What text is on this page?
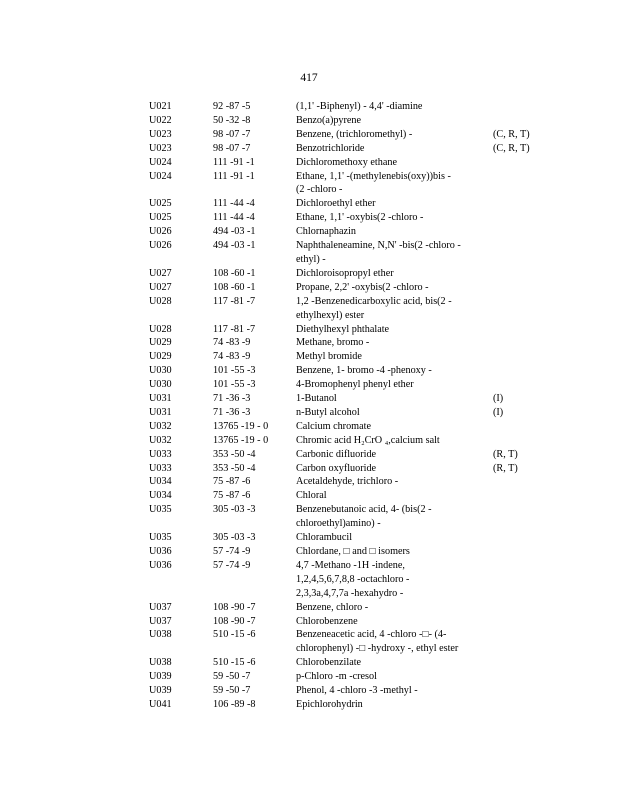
417
U021	92 -87 -5	(1,1' -Biphenyl) - 4,4' -diamine
U022	50 -32 -8	Benzo(a)pyrene
U023	98 -07 -7	Benzene, (trichloromethyl) -	(C, R, T)
U023	98 -07 -7	Benzotrichloride	(C, R, T)
U024	111 -91 -1	Dichloromethoxy ethane
U024	111 -91 -1	Ethane, 1,1' -(methylenebis(oxy))bis -
(2 -chloro -
U025	111 -44 -4	Dichloroethyl ether
U025	111 -44 -4	Ethane, 1,1' -oxybis(2 -chloro -
U026	494 -03 -1	Chlornaphazin
U026	494 -03 -1	Naphthaleneamine, N,N' -bis(2 -chloro -
ethyl) -
U027	108 -60 -1	Dichloroisopropyl ether
U027	108 -60 -1	Propane, 2,2' -oxybis(2 -chloro -
U028	117 -81 -7	1,2 -Benzenedicarboxylic acid, bis(2 -
ethylhexyl) ester
U028	117 -81 -7	Diethylhexyl phthalate
U029	74 -83 -9	Methane, bromo -
U029	74 -83 -9	Methyl bromide
U030	101 -55 -3	Benzene, 1- bromo -4 -phenoxy -
U030	101 -55 -3	4-Bromophenyl phenyl ether
U031	71 -36 -3	1-Butanol	(I)
U031	71 -36 -3	n-Butyl alcohol	(I)
U032	13765 -19 - 0	Calcium chromate
U032	13765 -19 - 0	Chromic acid H₂CrO ₄,calcium salt
U033	353 -50 -4	Carbonic difluoride	(R, T)
U033	353 -50 -4	Carbon oxyfluoride	(R, T)
U034	75 -87 -6	Acetaldehyde, trichloro -
U034	75 -87 -6	Chloral
U035	305 -03 -3	Benzenebutanoic acid, 4- (bis(2 -
chloroethyl)amino) -
U035	305 -03 -3	Chlorambucil
U036	57 -74 -9	Chlordane, □ and □ isomers
U036	57 -74 -9	4,7 -Methano -1H -indene,
1,2,4,5,6,7,8,8 -octachloro -
2,3,3a,4,7,7a -hexahydro -
U037	108 -90 -7	Benzene, chloro -
U037	108 -90 -7	Chlorobenzene
U038	510 -15 -6	Benzeneacetic acid, 4 -chloro -□- (4-
chlorophenyl) -□ -hydroxy -, ethyl ester
U038	510 -15 -6	Chlorobenzilate
U039	59 -50 -7	p-Chloro -m -cresol
U039	59 -50 -7	Phenol, 4 -chloro -3 -methyl -
U041	106 -89 -8	Epichlorohydrin
